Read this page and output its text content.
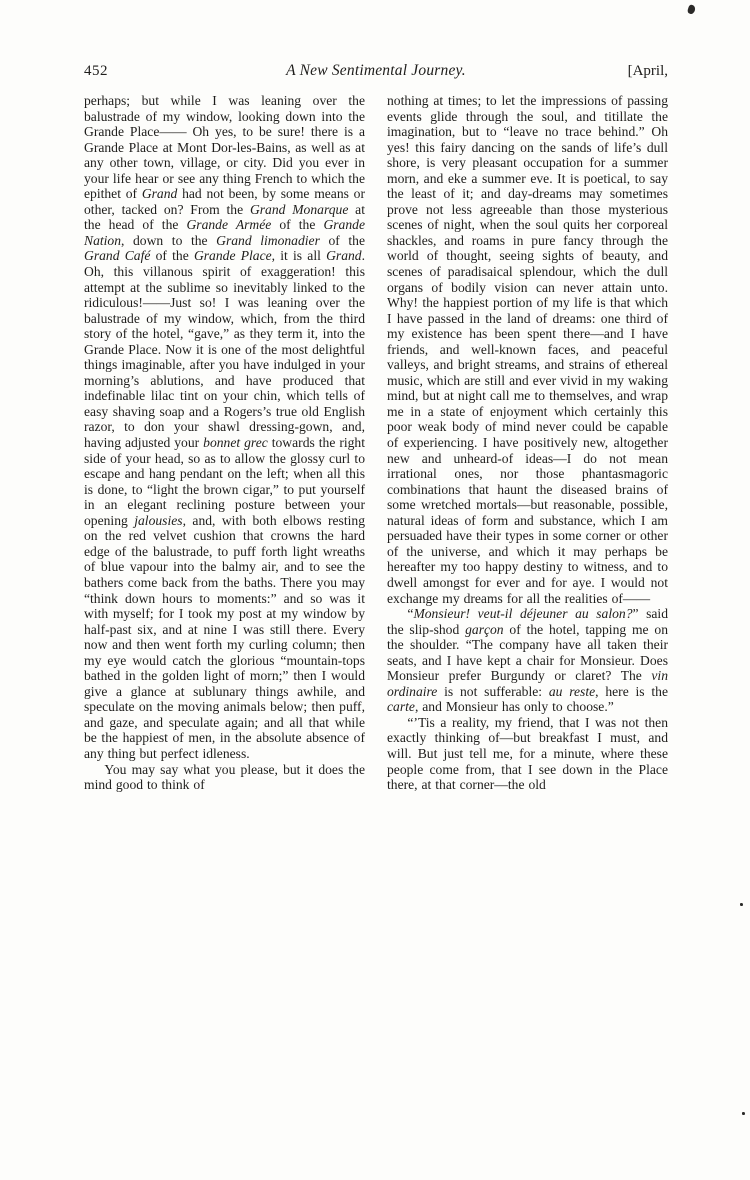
452	A New Sentimental Journey.	[April,

perhaps; but while I was leaning over the balustrade of my window, looking down into the Grande Place—— Oh yes, to be sure! there is a Grande Place at Mont Dor-les-Bains, as well as at any other town, village, or city. Did you ever in your life hear or see any thing French to which the epithet of Grand had not been, by some means or other, tacked on? From the Grand Monarque at the head of the Grande Armée of the Grande Nation, down to the Grand limonadier of the Grand Café of the Grande Place, it is all Grand. Oh, this villanous spirit of exaggeration! this attempt at the sublime so inevitably linked to the ridiculous!——Just so! I was leaning over the balustrade of my window, which, from the third story of the hotel, “gave,” as they term it, into the Grande Place. Now it is one of the most delightful things imaginable, after you have indulged in your morning’s ablutions, and have produced that indefinable lilac tint on your chin, which tells of easy shaving soap and a Rogers’s true old English razor, to don your shawl dressing-gown, and, having adjusted your bonnet grec towards the right side of your head, so as to allow the glossy curl to escape and hang pendant on the left; when all this is done, to “light the brown cigar,” to put yourself in an elegant reclining posture between your opening jalousies, and, with both elbows resting on the red velvet cushion that crowns the hard edge of the balustrade, to puff forth light wreaths of blue vapour into the balmy air, and to see the bathers come back from the baths. There you may “think down hours to moments:” and so was it with myself; for I took my post at my window by half-past six, and at nine I was still there. Every now and then went forth my curling column; then my eye would catch the glorious “mountain-tops bathed in the golden light of morn;” then I would give a glance at sublunary things awhile, and speculate on the moving animals below; then puff, and gaze, and speculate again; and all that while be the happiest of men, in the absolute absence of any thing but perfect idleness.

You may say what you please, but it does the mind good to think of

nothing at times; to let the impressions of passing events glide through the soul, and titillate the imagination, but to “leave no trace behind.” Oh yes! this fairy dancing on the sands of life’s dull shore, is very pleasant occupation for a summer morn, and eke a summer eve. It is poetical, to say the least of it; and day-dreams may sometimes prove not less agreeable than those mysterious scenes of night, when the soul quits her corporeal shackles, and roams in pure fancy through the world of thought, seeing sights of beauty, and scenes of paradisaical splendour, which the dull organs of bodily vision can never attain unto. Why! the happiest portion of my life is that which I have passed in the land of dreams: one third of my existence has been spent there—and I have friends, and well-known faces, and peaceful valleys, and bright streams, and strains of ethereal music, which are still and ever vivid in my waking mind, but at night call me to themselves, and wrap me in a state of enjoyment which certainly this poor weak body of mind never could be capable of experiencing. I have positively new, altogether new and unheard-of ideas—I do not mean irrational ones, nor those phantasmagoric combinations that haunt the diseased brains of some wretched mortals—but reasonable, possible, natural ideas of form and substance, which I am persuaded have their types in some corner or other of the universe, and which it may perhaps be hereafter my too happy destiny to witness, and to dwell amongst for ever and for aye. I would not exchange my dreams for all the realities of——

“Monsieur! veut-il déjeuner au salon?” said the slip-shod garçon of the hotel, tapping me on the shoulder. “The company have all taken their seats, and I have kept a chair for Monsieur. Does Monsieur prefer Burgundy or claret? The vin ordinaire is not sufferable: au reste, here is the carte, and Monsieur has only to choose.”

“’Tis a reality, my friend, that I was not then exactly thinking of—but breakfast I must, and will. But just tell me, for a minute, where these people come from, that I see down in the Place there, at that corner—the old
